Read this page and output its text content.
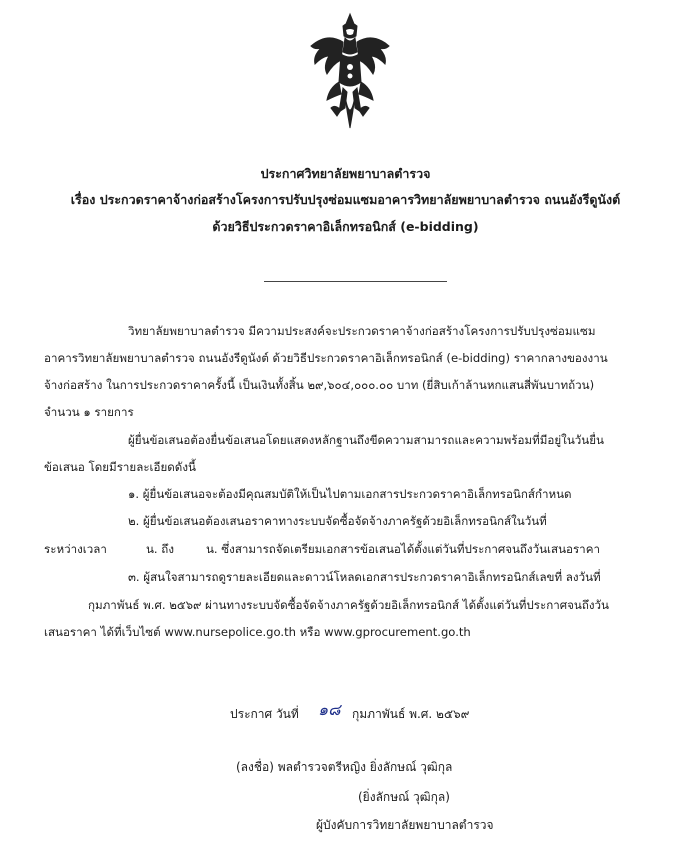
ประกาศวิทยาลัยพยาบาลตำรวจ
เรื่อง ประกวดราคาจ้างก่อสร้างโครงการปรับปรุงซ่อมแซมอาคารวิทยาลัยพยาบาลตำรวจ ถนนอังรีดูนังต์
ด้วยวิธีประกวดราคาอิเล็กทรอนิกส์ (e-bidding)
วิทยาลัยพยาบาลตำรวจ มีความประสงค์จะประกวดราคาจ้างก่อสร้างโครงการปรับปรุงซ่อมแซม
อาคารวิทยาลัยพยาบาลตำรวจ ถนนอังรีดูนังต์ ด้วยวิธีประกวดราคาอิเล็กทรอนิกส์ (e-bidding) ราคากลางของงาน
จ้างก่อสร้าง ในการประกวดราคาครั้งนี้ เป็นเงินทั้งสิ้น ๒๙,๖๐๔,๐๐๐.๐๐ บาท (ยี่สิบเก้าล้านหกแสนสี่พันบาทถ้วน)
จำนวน ๑ รายการ
ผู้ยื่นข้อเสนอต้องยื่นข้อเสนอโดยแสดงหลักฐานถึงขีดความสามารถและความพร้อมที่มีอยู่ในวันยื่น
ข้อเสนอ โดยมีรายละเอียดดังนี้
๑. ผู้ยื่นข้อเสนอจะต้องมีคุณสมบัติให้เป็นไปตามเอกสารประกวดราคาอิเล็กทรอนิกส์กำหนด
๒. ผู้ยื่นข้อเสนอต้องเสนอราคาทางระบบจัดซื้อจัดจ้างภาครัฐด้วยอิเล็กทรอนิกส์ในวันที่
ระหว่างเวลา	น. ถึง	น. ซึ่งสามารถจัดเตรียมเอกสารข้อเสนอได้ตั้งแต่วันที่ประกาศจนถึงวันเสนอราคา
๓. ผู้สนใจสามารถดูรายละเอียดและดาวน์โหลดเอกสารประกวดราคาอิเล็กทรอนิกส์เลขที่ ลงวันที่
กุมภาพันธ์ พ.ศ. ๒๕๖๙ ผ่านทางระบบจัดซื้อจัดจ้างภาครัฐด้วยอิเล็กทรอนิกส์ ได้ตั้งแต่วันที่ประกาศจนถึงวัน
เสนอราคา ได้ที่เว็บไซต์ www.nursepolice.go.th หรือ www.gprocurement.go.th
ประกาศ วันที่ ๑๘ กุมภาพันธ์ พ.ศ. ๒๕๖๙
(ลงชื่อ) พลตำรวจตรีหญิง ยิ่งลักษณ์ วุฒิกุล
(ยิ่งลักษณ์ วุฒิกุล)
ผู้บังคับการวิทยาลัยพยาบาลตำรวจ
